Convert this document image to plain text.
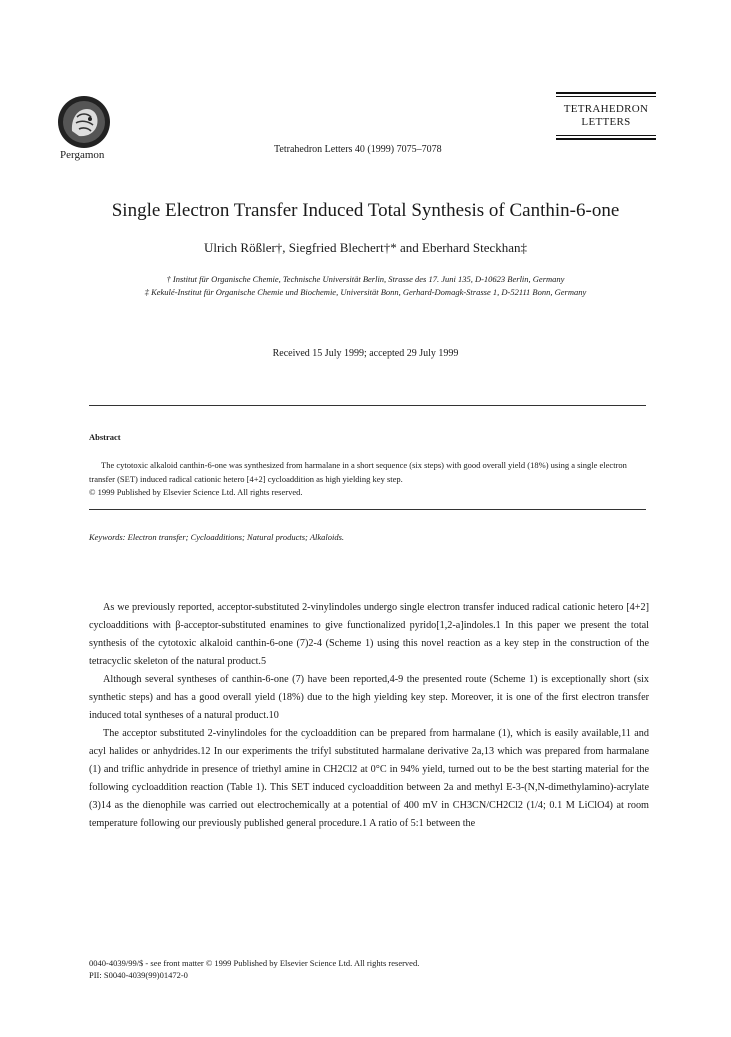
Pergamon	Tetrahedron Letters 40 (1999) 7075–7078
TETRAHEDRON
LETTERS
Single Electron Transfer Induced Total Synthesis of Canthin-6-one
Ulrich Rößler†, Siegfried Blechert†* and Eberhard Steckhan‡
† Institut für Organische Chemie, Technische Universität Berlin, Strasse des 17. Juni 135, D-10623 Berlin, Germany
‡ Kekulé-Institut für Organische Chemie und Biochemie, Universität Bonn, Gerhard-Domagk-Strasse 1, D-52111 Bonn, Germany
Received 15 July 1999; accepted 29 July 1999
Abstract

The cytotoxic alkaloid canthin-6-one was synthesized from harmalane in a short sequence (six steps) with good overall yield (18%) using a single electron transfer (SET) induced radical cationic hetero [4+2] cycloaddition as high yielding key step.

© 1999 Published by Elsevier Science Ltd. All rights reserved.

Keywords: Electron transfer; Cycloadditions; Natural products; Alkaloids.

As we previously reported, acceptor-substituted 2-vinylindoles undergo single electron transfer induced radical cationic hetero [4+2] cycloadditions with β-acceptor-substituted enamines to give functionalized pyrido[1,2-a]indoles.1 In this paper we present the total synthesis of the cytotoxic alkaloid canthin-6-one (7)2-4 (Scheme 1) using this novel reaction as a key step in the construction of the tetracyclic skeleton of the natural product.5

Although several syntheses of canthin-6-one (7) have been reported,4-9 the presented route (Scheme 1) is exceptionally short (six synthetic steps) and has a good overall yield (18%) due to the high yielding key step. Moreover, it is one of the first electron transfer induced total syntheses of a natural product.10

The acceptor substituted 2-vinylindoles for the cycloaddition can be prepared from harmalane (1), which is easily available,11 and acyl halides or anhydrides.12 In our experiments the trifyl substituted harmalane derivative 2a,13 which was prepared from harmalane (1) and triflic anhydride in presence of triethyl amine in CH2Cl2 at 0°C in 94% yield, turned out to be the best starting material for the following cycloaddition reaction (Table 1). This SET induced cycloaddition between 2a and methyl E-3-(N,N-dimethylamino)-acrylate (3)14 as the dienophile was carried out electrochemically at a potential of 400 mV in CH3CN/CH2Cl2 (1/4; 0.1 M LiClO4) at room temperature following our previously published general procedure.1 A ratio of 5:1 between the

0040-4039/99/$ - see front matter © 1999 Published by Elsevier Science Ltd. All rights reserved.
PII: S0040-4039(99)01472-0
